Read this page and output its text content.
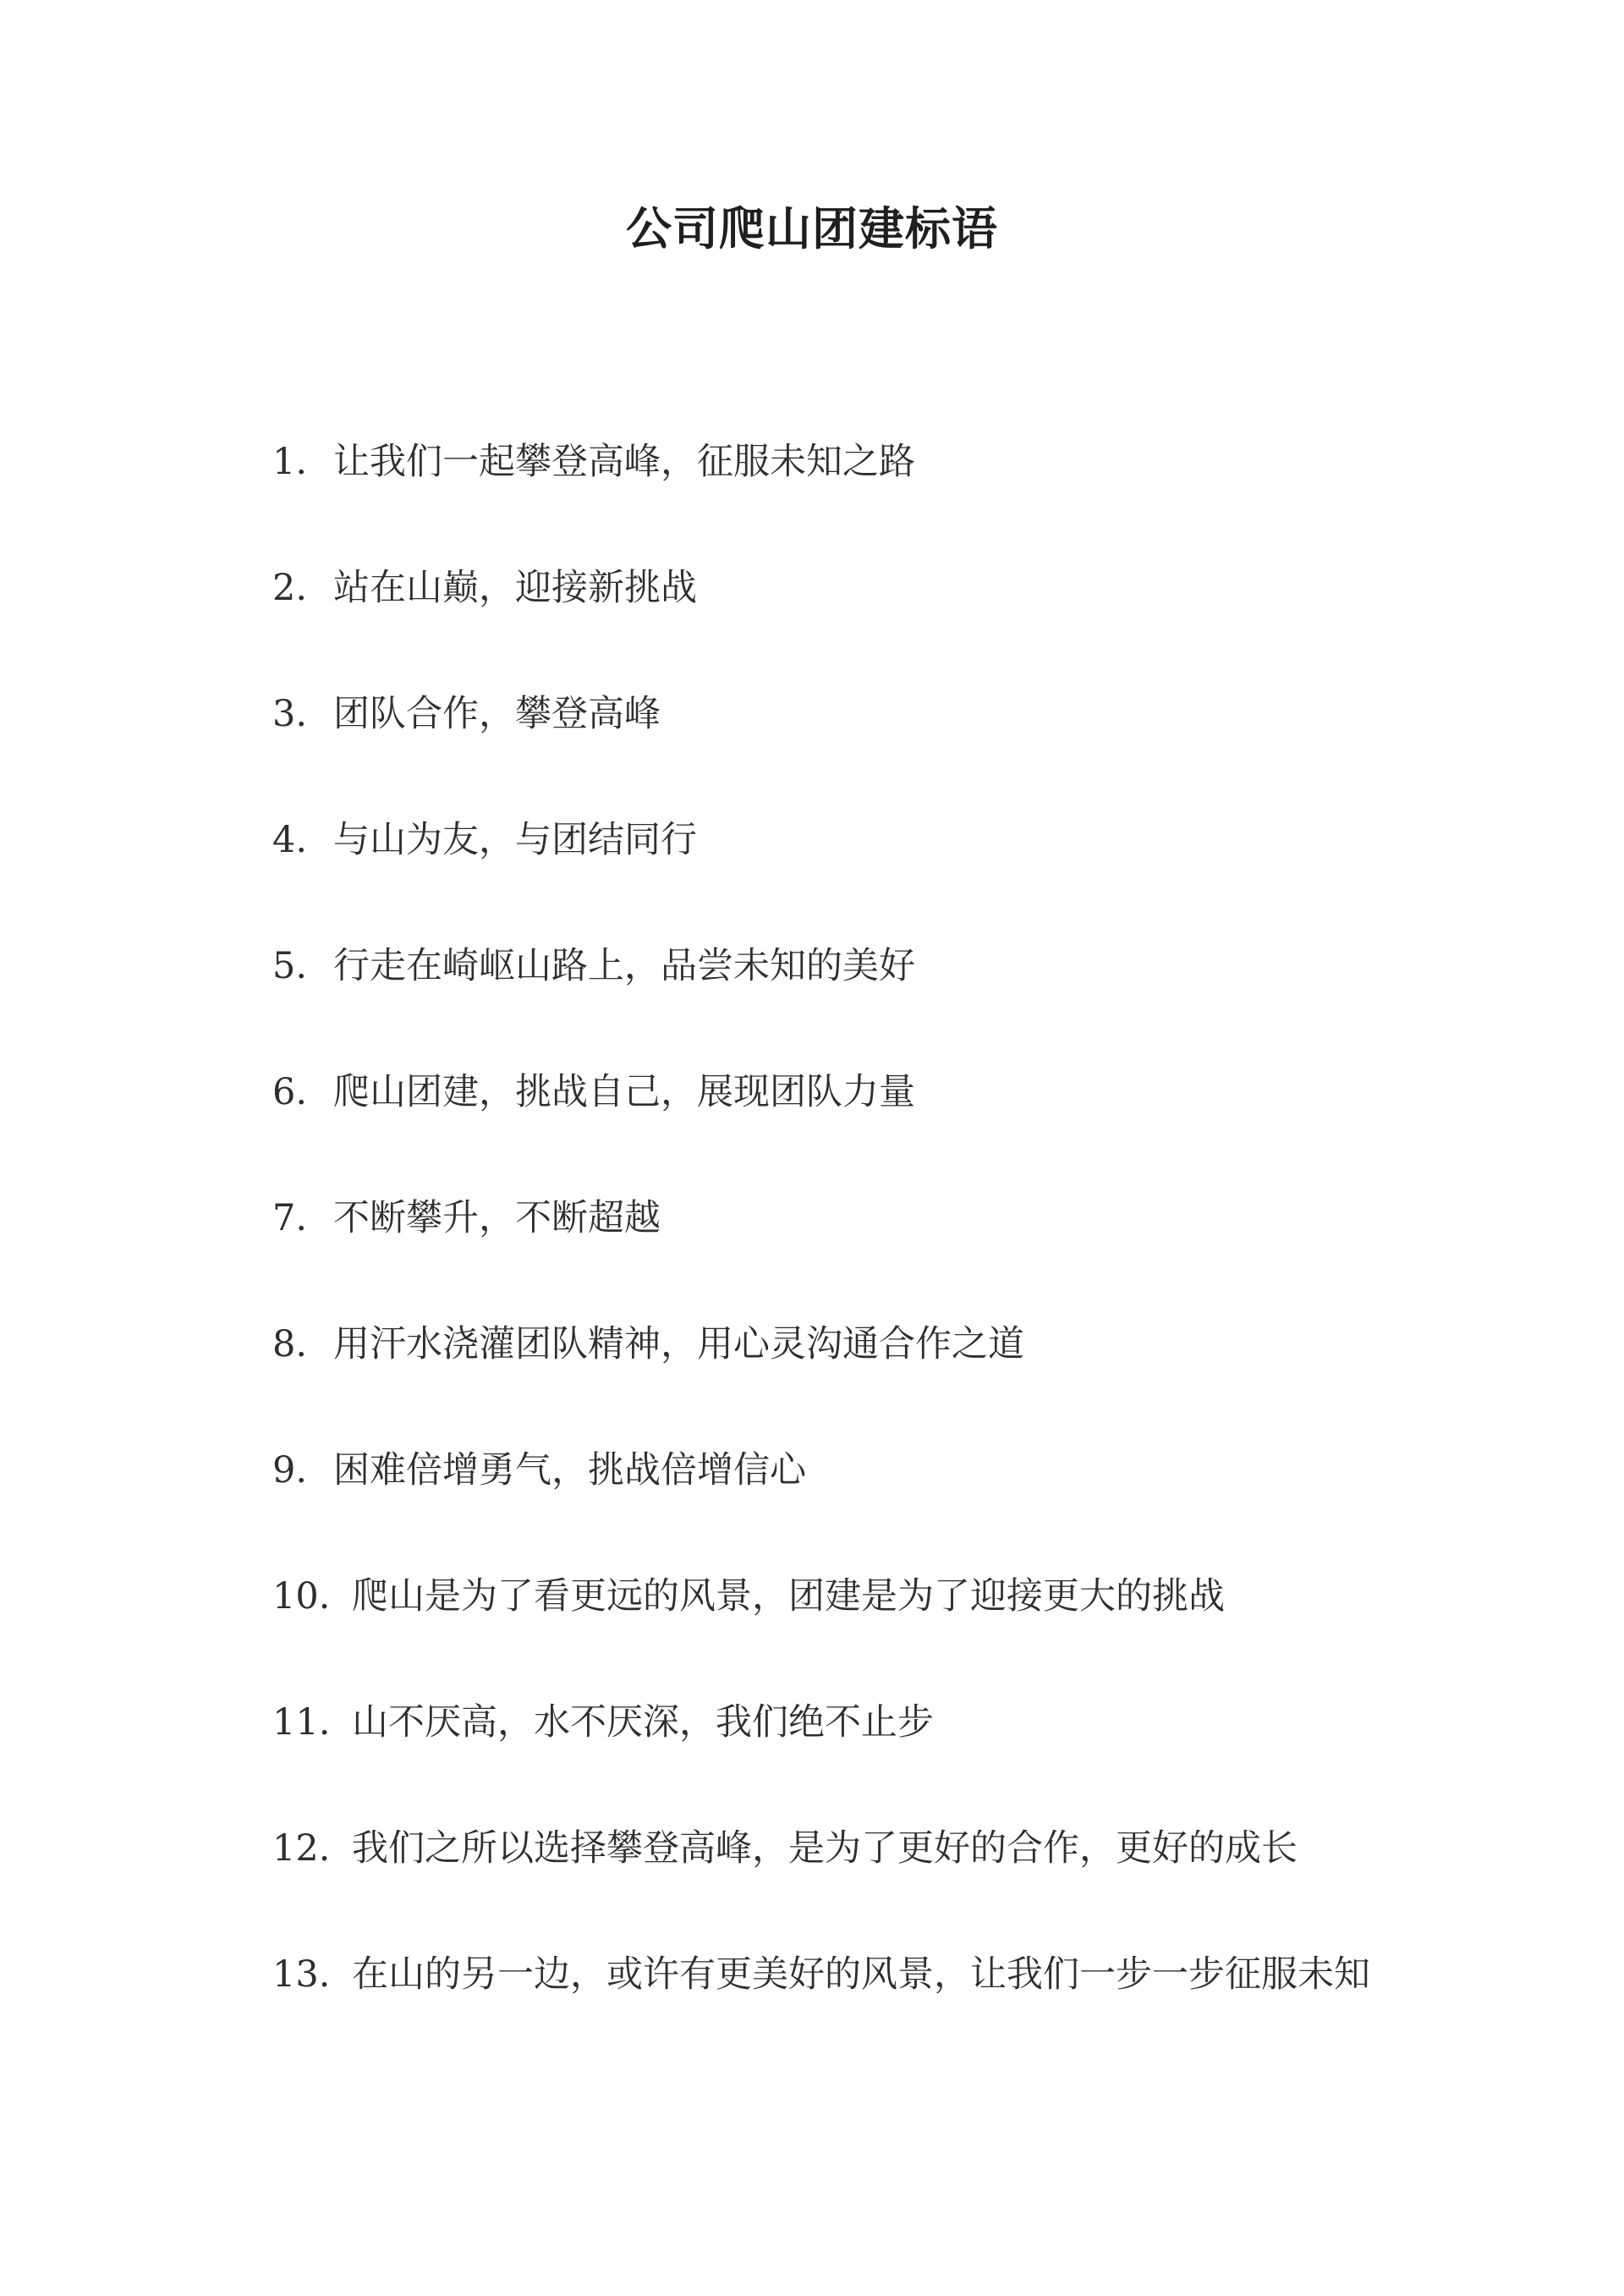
公司爬山团建标语
1. 让我们一起攀登高峰，征服未知之路
2. 站在山巅，迎接新挑战
3. 团队合作，攀登高峰
4. 与山为友，与团结同行
5. 行走在崎岖山路上，品尝未知的美好
6. 爬山团建，挑战自己，展现团队力量
7. 不断攀升，不断超越
8. 用汗水浇灌团队精神，用心灵沟通合作之道
9. 困难倍增勇气，挑战倍增信心
10. 爬山是为了看更远的风景，团建是为了迎接更大的挑战
11. 山不厌高，水不厌深，我们绝不止步
12. 我们之所以选择攀登高峰，是为了更好的合作，更好的成长
13. 在山的另一边，或许有更美好的风景，让我们一步一步征服未知
